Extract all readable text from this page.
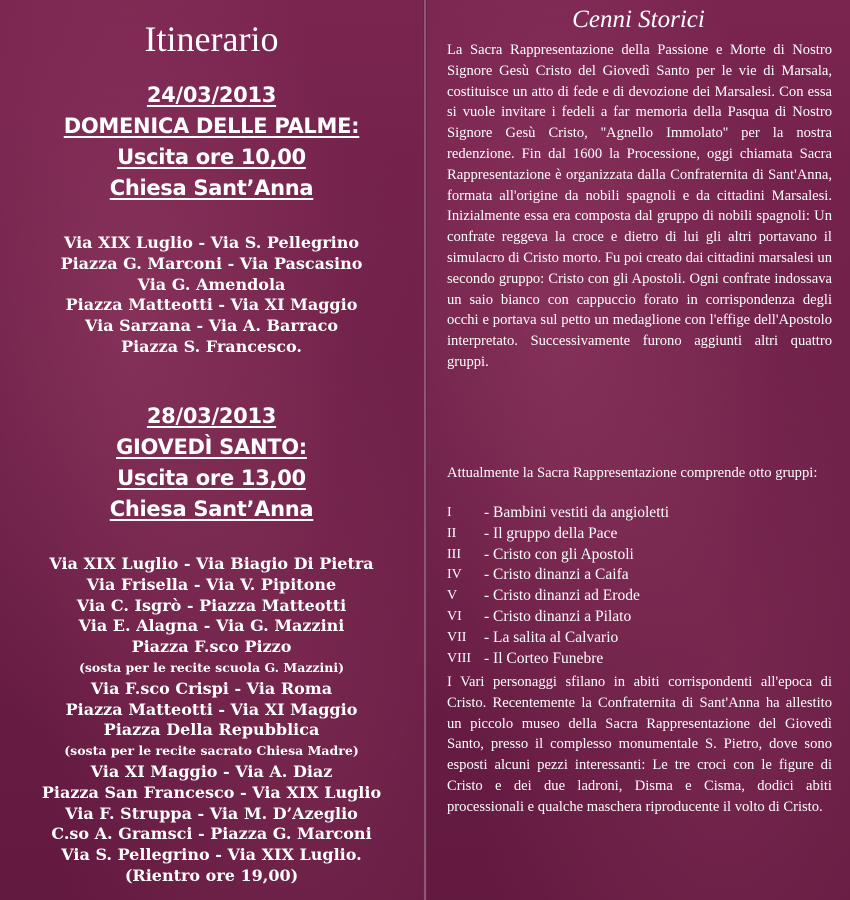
Itinerario
24/03/2013
DOMENICA DELLE PALME:
Uscita ore 10,00
Chiesa Sant’Anna
Via XIX Luglio - Via S. Pellegrino
Piazza G. Marconi - Via Pascasino
Via G. Amendola
Piazza Matteotti - Via XI Maggio
Via Sarzana - Via A. Barraco
Piazza S. Francesco.
28/03/2013
GIOVEDÌ SANTO:
Uscita ore 13,00
Chiesa Sant’Anna
Via XIX Luglio - Via Biagio Di Pietra
Via Frisella - Via V. Pipitone
Via C. Isgrò - Piazza Matteotti
Via E. Alagna - Via G. Mazzini
Piazza F.sco Pizzo
(sosta per le recite scuola G. Mazzini)
Via F.sco Crispi - Via Roma
Piazza Matteotti - Via XI Maggio
Piazza Della Repubblica
(sosta per le recite sacrato Chiesa Madre)
Via XI Maggio - Via A. Diaz
Piazza San Francesco - Via XIX Luglio
Via F. Struppa - Via M. D’Azeglio
C.so A. Gramsci - Piazza G. Marconi
Via S. Pellegrino - Via XIX Luglio.
(Rientro ore 19,00)
Cenni Storici
La Sacra Rappresentazione della Passione e Morte di Nostro Signore Gesù Cristo del Giovedì Santo per le vie di Marsala, costituisce un atto di fede e di devozione dei Marsalesi. Con essa si vuole invitare i fedeli a far memoria della Pasqua di Nostro Signore Gesù Cristo, ''Agnello Immolato'' per la nostra redenzione. Fin dal 1600 la Processione, oggi chiamata Sacra Rappresentazione è organizzata dalla Confraternita di Sant'Anna, formata all'origine da nobili spagnoli e da cittadini Marsalesi. Inizialmente essa era composta dal gruppo di nobili spagnoli: Un confrate reggeva la croce e dietro di lui gli altri portavano il simulacro di Cristo morto. Fu poi creato dai cittadini marsalesi un secondo gruppo: Cristo con gli Apostoli. Ogni confrate indossava un saio bianco con cappuccio forato in corrispondenza degli occhi e portava sul petto un medaglione con l'effige dell'Apostolo interpretato. Successivamente furono aggiunti altri quattro gruppi.
Attualmente la Sacra Rappresentazione comprende otto gruppi:
I - Bambini vestiti da angioletti
II - Il gruppo della Pace
III - Cristo con gli Apostoli
IV - Cristo dinanzi a Caifa
V - Cristo dinanzi ad Erode
VI - Cristo dinanzi a Pilato
VII - La salita al Calvario
VIII - Il Corteo Funebre
I Vari personaggi sfilano in abiti corrispondenti all'epoca di Cristo. Recentemente la Confraternita di Sant'Anna ha allestito un piccolo museo della Sacra Rappresentazione del Giovedì Santo, presso il complesso monumentale S. Pietro, dove sono esposti alcuni pezzi interessanti: Le tre croci con le figure di Cristo e dei due ladroni, Disma e Cisma, dodici abiti processionali e qualche maschera riproducente il volto di Cristo.
